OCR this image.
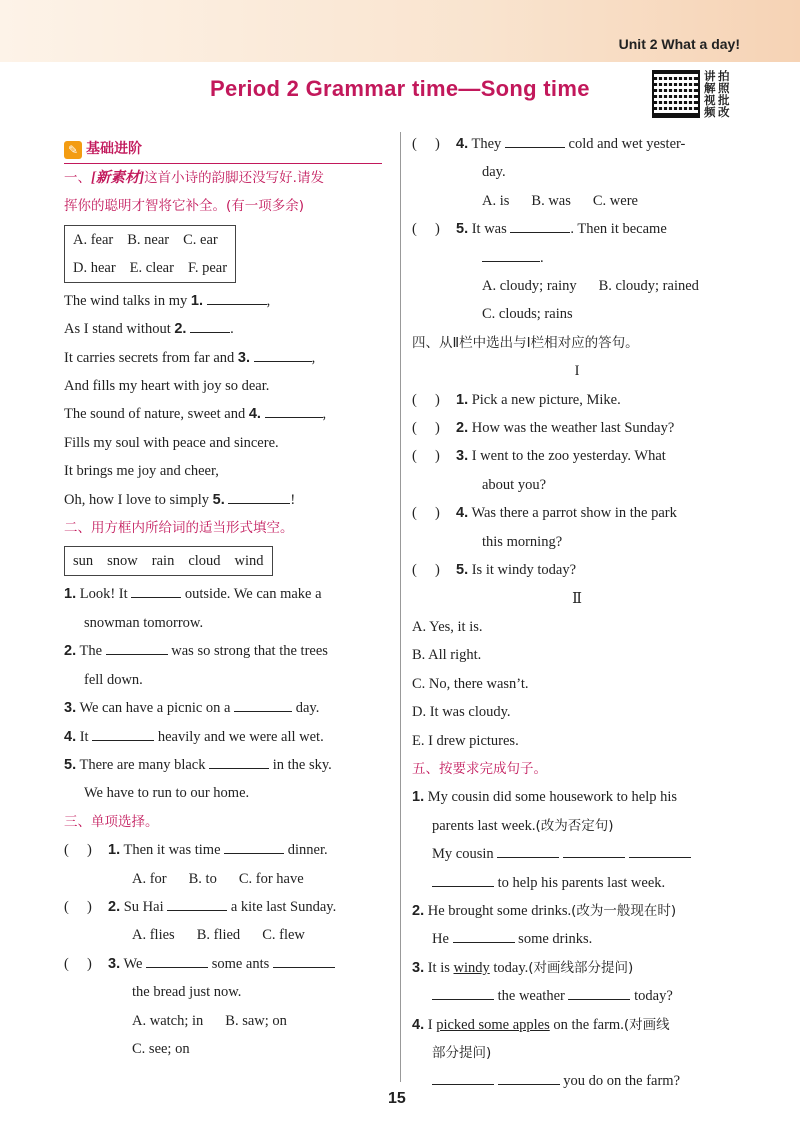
Unit 2 What a day!
Period 2 Grammar time—Song time	讲 拍
解 照
视 批
频 改
✎ 基础进阶
一、[新素材]这首小诗的韵脚还没写好.请发
挥你的聪明才智将它补全。(有一项多余)
A. fear B. near C. ear
D. hear E. clear F. pear
The wind talks in my 1.	,
As I stand without 2.	.
It carries secrets from far and 3.	,
And fills my heart with joy so dear.
The sound of nature, sweet and 4.	,
Fills my soul with peace and sincere.
It brings me joy and cheer,
Oh, how I love to simply 5.	!
二、用方框内所给词的适当形式填空。
sun snow rain cloud wind
1. Look! It	outside. We can make a
snowman tomorrow.
2. The	was so strong that the trees
fell down.
3. We can have a picnic on a	day.
4. It	heavily and we were all wet.
5. There are many black	in the sky.
We have to run to our home.
三、单项选择。
(     ) 1. Then it was time	dinner.
A. for B. to C. for have
(     ) 2. Su Hai	a kite last Sunday.
A. flies B. flied C. flew
(     ) 3. We	some ants
the bread just now.
A. watch; in B. saw; on
C. see; on
(     ) 4. They	cold and wet yester-
day.
A. is B. was C. were
(     ) 5. It was	. Then it became
.
A. cloudy; rainy B. cloudy; rained
C. clouds; rains
四、从Ⅱ栏中选出与Ⅰ栏相对应的答句。
I
(     ) 1. Pick a new picture, Mike.
(     ) 2. How was the weather last Sunday?
(     ) 3. I went to the zoo yesterday. What
about you?
(     ) 4. Was there a parrot show in the park
this morning?
(     ) 5. Is it windy today?
Ⅱ
A. Yes, it is.
B. All right.
C. No, there wasn’t.
D. It was cloudy.
E. I drew pictures.
五、按要求完成句子。
1. My cousin did some housework to help his
parents last week.(改为否定句)
My cousin
to help his parents last week.
2. He brought some drinks.(改为一般现在时)
He	some drinks.
3. It is windy today.(对画线部分提问)
the weather	today?
4. I picked some apples on the farm.(对画线
部分提问)
you do on the farm?
15
